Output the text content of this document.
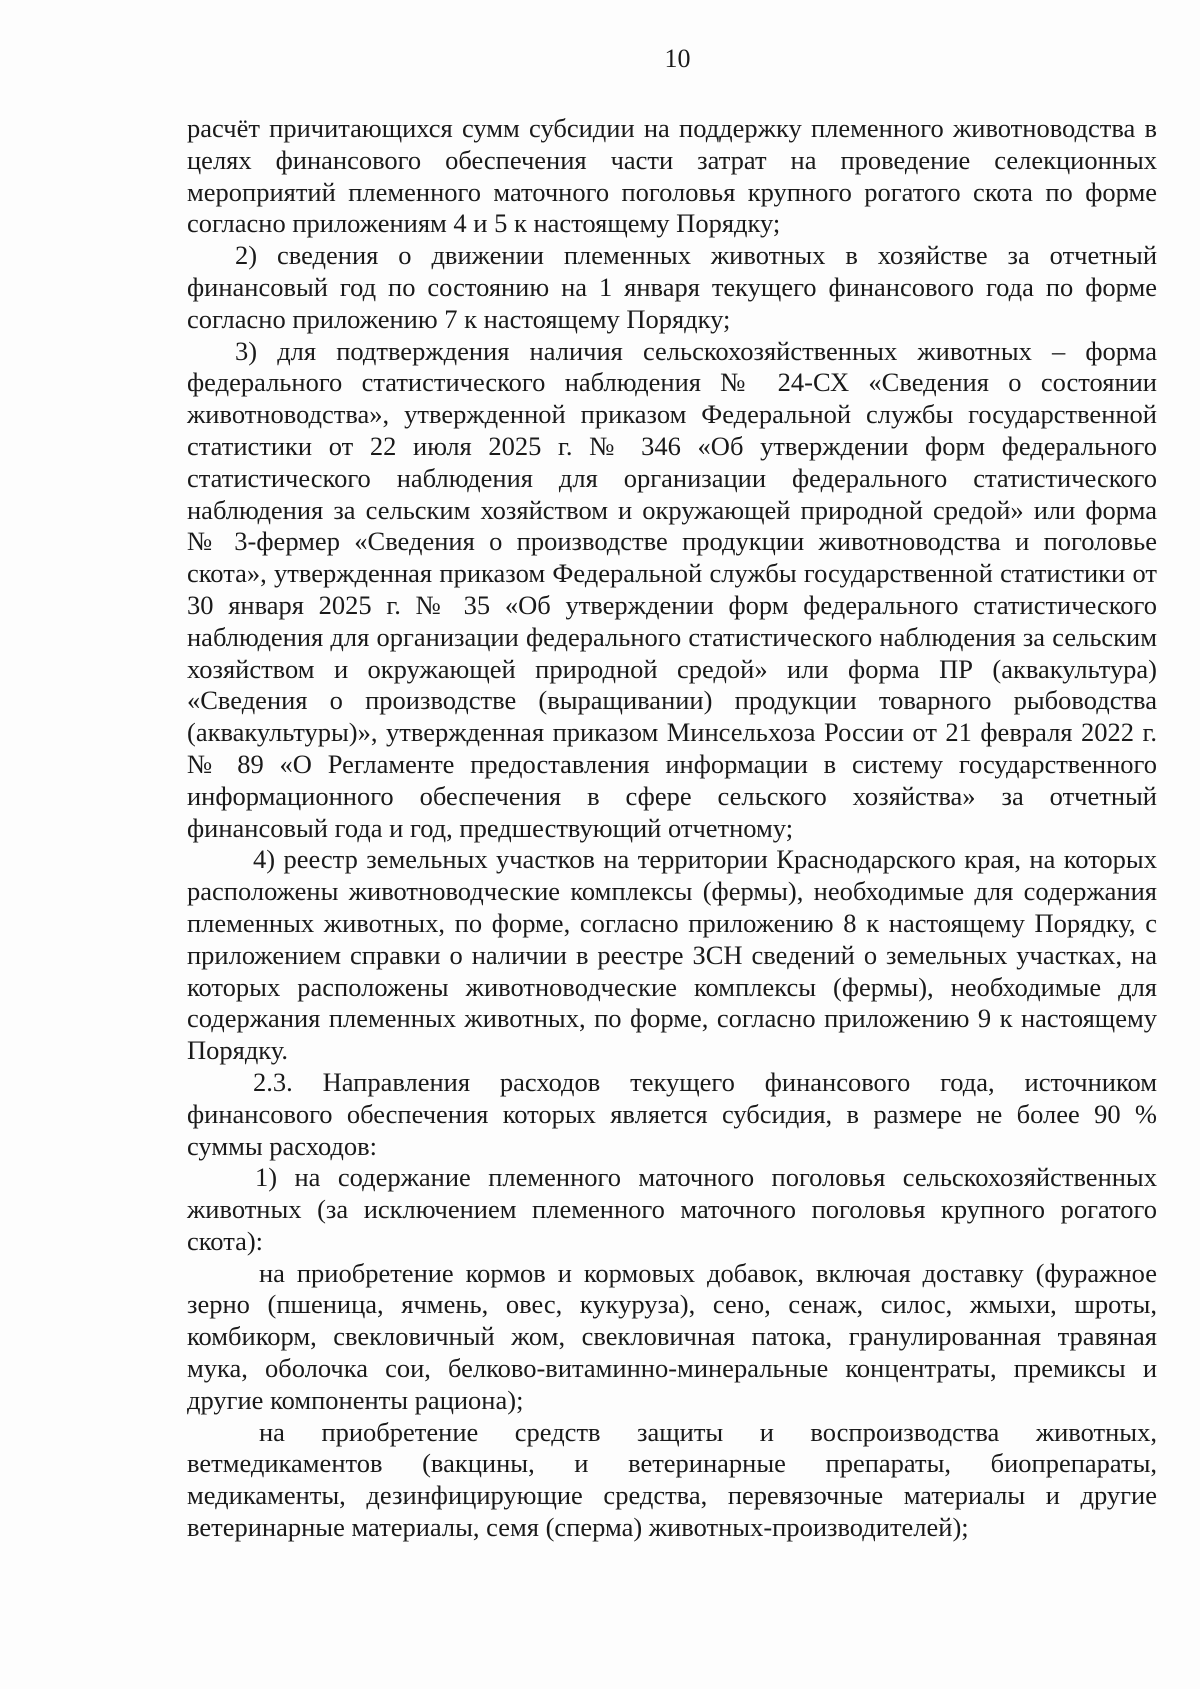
10

расчёт причитающихся сумм субсидии на поддержку племенного животноводства в целях финансового обеспечения части затрат на проведение селекционных мероприятий племенного маточного поголовья крупного рогатого скота по форме согласно приложениям 4 и 5 к настоящему Порядку;

2) сведения о движении племенных животных в хозяйстве за отчетный финансовый год по состоянию на 1 января текущего финансового года по форме согласно приложению 7 к настоящему Порядку;

3) для подтверждения наличия сельскохозяйственных животных – форма федерального статистического наблюдения № 24-СХ «Сведения о состоянии животноводства», утвержденной приказом Федеральной службы государственной статистики от 22 июля 2025 г. № 346 «Об утверждении форм федерального статистического наблюдения для организации федерального статистического наблюдения за сельским хозяйством и окружающей природной средой» или форма № 3-фермер «Сведения о производстве продукции животноводства и поголовье скота», утвержденная приказом Федеральной службы государственной статистики от 30 января 2025 г. № 35 «Об утверждении форм федерального статистического наблюдения для организации федерального статистического наблюдения за сельским хозяйством и окружающей природной средой» или форма ПР (аквакультура) «Сведения о производстве (выращивании) продукции товарного рыбоводства (аквакультуры)», утвержденная приказом Минсельхоза России от 21 февраля 2022 г. № 89 «О Регламенте предоставления информации в систему государственного информационного обеспечения в сфере сельского хозяйства» за отчетный финансовый года и год, предшествующий отчетному;

4) реестр земельных участков на территории Краснодарского края, на которых расположены животноводческие комплексы (фермы), необходимые для содержания племенных животных, по форме, согласно приложению 8 к настоящему Порядку, с приложением справки о наличии в реестре ЗСН сведений о земельных участках, на которых расположены животноводческие комплексы (фермы), необходимые для содержания племенных животных, по форме, согласно приложению 9 к настоящему Порядку.

2.3. Направления расходов текущего финансового года, источником финансового обеспечения которых является субсидия, в размере не более 90 % суммы расходов:

1) на содержание племенного маточного поголовья сельскохозяйственных животных (за исключением племенного маточного поголовья крупного рогатого скота):

на приобретение кормов и кормовых добавок, включая доставку (фуражное зерно (пшеница, ячмень, овес, кукуруза), сено, сенаж, силос, жмыхи, шроты, комбикорм, свекловичный жом, свекловичная патока, гранулированная травяная мука, оболочка сои, белково-витаминно-минеральные концентраты, премиксы и другие компоненты рациона);

на приобретение средств защиты и воспроизводства животных, ветмедикаментов (вакцины, и ветеринарные препараты, биопрепараты, медикаменты, дезинфицирующие средства, перевязочные материалы и другие ветеринарные материалы, семя (сперма) животных-производителей);
